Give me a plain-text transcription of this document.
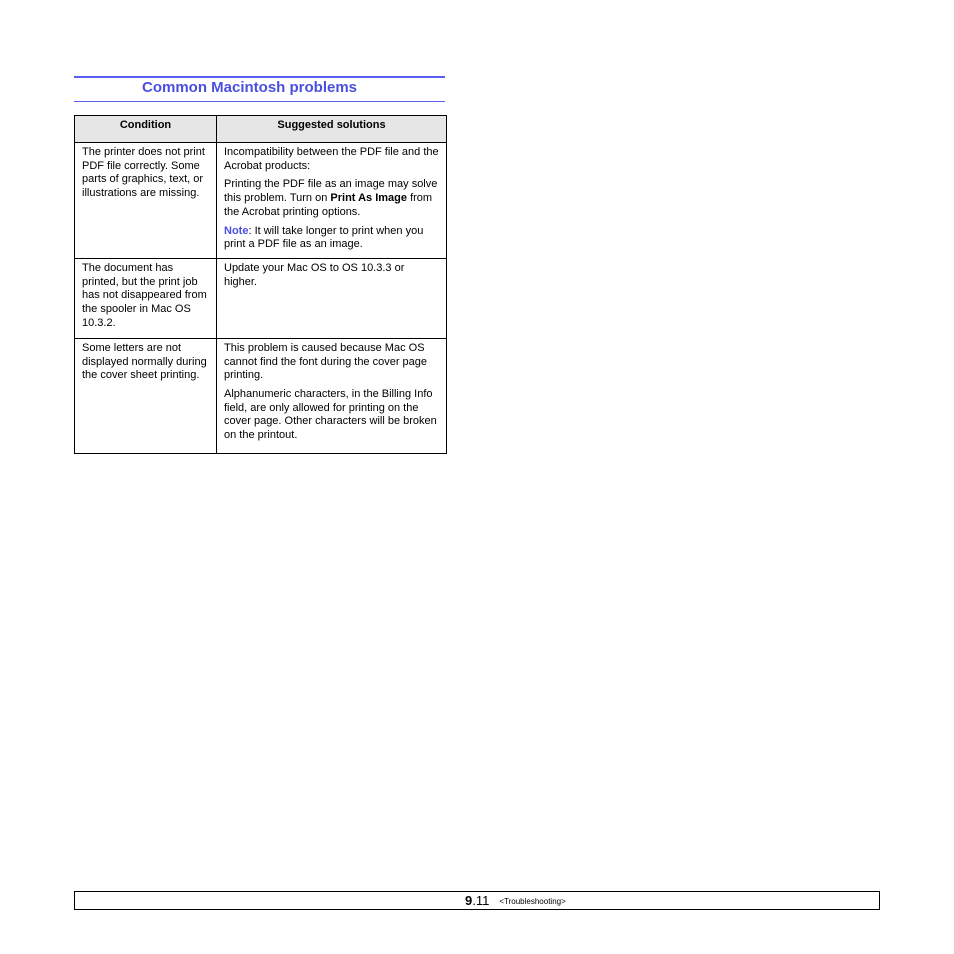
Common Macintosh problems
Condition	Suggested solutions

The printer does not print PDF file correctly. Some parts of graphics, text, or illustrations are missing.	Incompatibility between the PDF file and the Acrobat products:

Printing the PDF file as an image may solve this problem. Turn on Print As Image from the Acrobat printing options.

Note: It will take longer to print when you print a PDF file as an image.

The document has printed, but the print job has not disappeared from the spooler in Mac OS 10.3.2.	Update your Mac OS to OS 10.3.3 or higher.

Some letters are not displayed normally during the cover sheet printing.	This problem is caused because Mac OS cannot find the font during the cover page printing.

Alphanumeric characters, in the Billing Info field, are only allowed for printing on the cover page. Other characters will be broken on the printout.

9.11 <Troubleshooting>
